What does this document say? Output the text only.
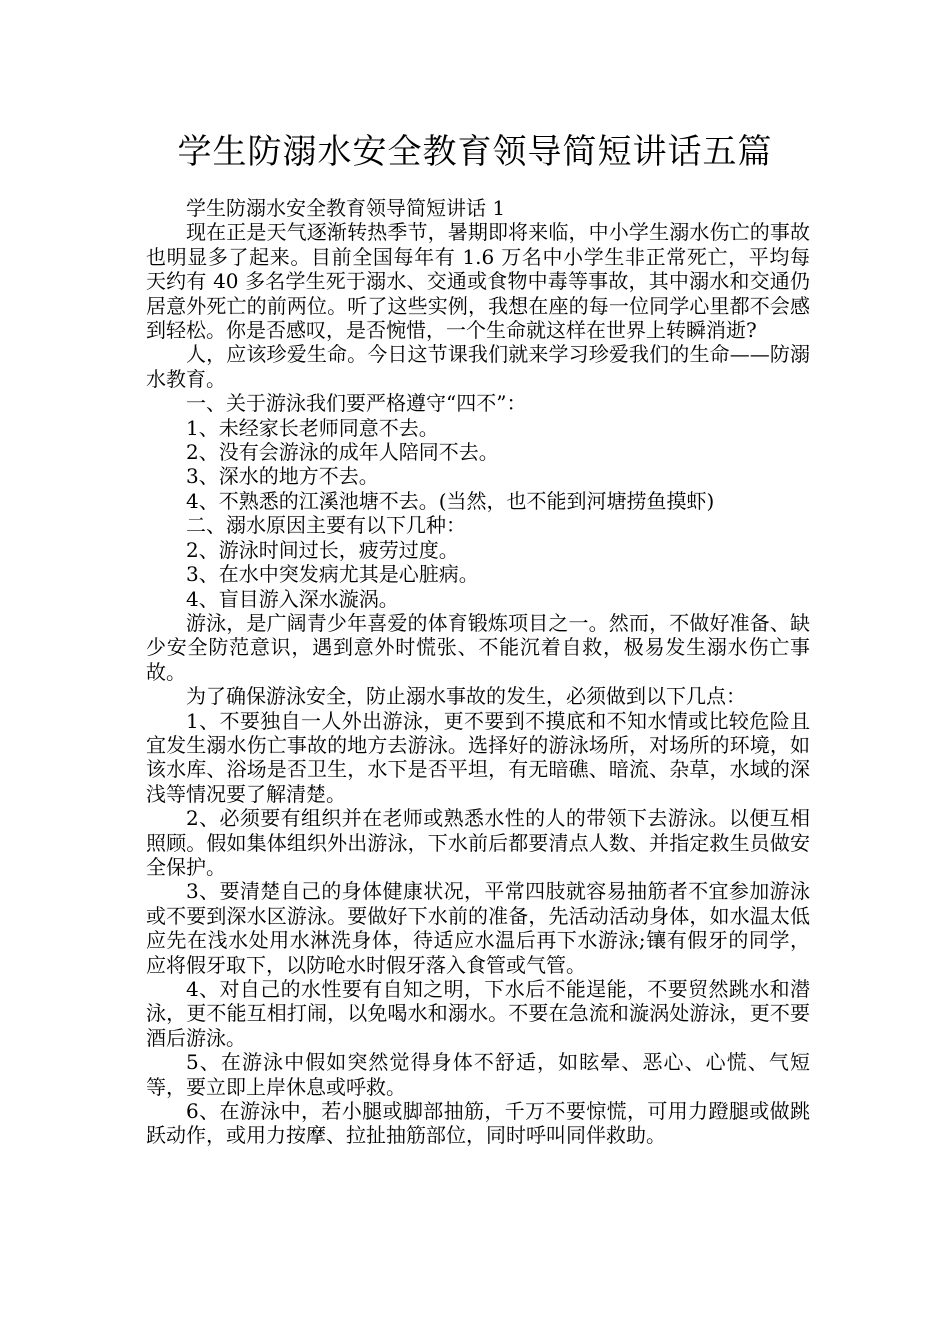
学生防溺水安全教育领导简短讲话五篇

学生防溺水安全教育领导简短讲话 1

现在正是天气逐渐转热季节，暑期即将来临，中小学生溺水伤亡的事故也明显多了起来。目前全国每年有 1.6 万名中小学生非正常死亡，平均每天约有 40 多名学生死于溺水、交通或食物中毒等事故，其中溺水和交通仍居意外死亡的前两位。听了这些实例，我想在座的每一位同学心里都不会感到轻松。你是否感叹，是否惋惜，一个生命就这样在世界上转瞬消逝?

人，应该珍爱生命。今日这节课我们就来学习珍爱我们的生命——防溺水教育。

一、关于游泳我们要严格遵守“四不”：

1、未经家长老师同意不去。

2、没有会游泳的成年人陪同不去。

3、深水的地方不去。

4、不熟悉的江溪池塘不去。(当然，也不能到河塘捞鱼摸虾)

二、溺水原因主要有以下几种：

2、游泳时间过长，疲劳过度。

3、在水中突发病尤其是心脏病。

4、盲目游入深水漩涡。

游泳，是广阔青少年喜爱的体育锻炼项目之一。然而，不做好准备、缺少安全防范意识，遇到意外时慌张、不能沉着自救，极易发生溺水伤亡事故。

为了确保游泳安全，防止溺水事故的发生，必须做到以下几点：

1、不要独自一人外出游泳，更不要到不摸底和不知水情或比较危险且宜发生溺水伤亡事故的地方去游泳。选择好的游泳场所，对场所的环境，如该水库、浴场是否卫生，水下是否平坦，有无暗礁、暗流、杂草，水域的深浅等情况要了解清楚。

2、必须要有组织并在老师或熟悉水性的人的带领下去游泳。以便互相照顾。假如集体组织外出游泳，下水前后都要清点人数、并指定救生员做安全保护。

3、要清楚自己的身体健康状况，平常四肢就容易抽筋者不宜参加游泳或不要到深水区游泳。要做好下水前的准备，先活动活动身体，如水温太低应先在浅水处用水淋洗身体，待适应水温后再下水游泳;镶有假牙的同学，应将假牙取下，以防呛水时假牙落入食管或气管。

4、对自己的水性要有自知之明，下水后不能逞能，不要贸然跳水和潜泳，更不能互相打闹，以免喝水和溺水。不要在急流和漩涡处游泳，更不要酒后游泳。

5、在游泳中假如突然觉得身体不舒适，如眩晕、恶心、心慌、气短等，要立即上岸休息或呼救。

6、在游泳中，若小腿或脚部抽筋，千万不要惊慌，可用力蹬腿或做跳跃动作，或用力按摩、拉扯抽筋部位，同时呼叫同伴救助。
